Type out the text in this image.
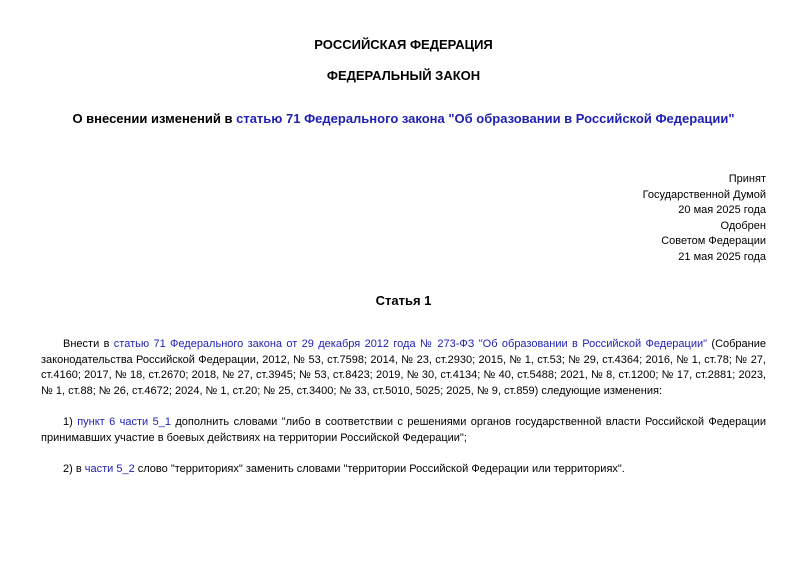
РОССИЙСКАЯ ФЕДЕРАЦИЯ
ФЕДЕРАЛЬНЫЙ ЗАКОН
О внесении изменений в статью 71 Федерального закона "Об образовании в Российской Федерации"
Принят
Государственной Думой
20 мая 2025 года
Одобрен
Советом Федерации
21 мая 2025 года
Статья 1
Внести в статью 71 Федерального закона от 29 декабря 2012 года № 273-ФЗ "Об образовании в Российской Федерации" (Собрание законодательства Российской Федерации, 2012, № 53, ст.7598; 2014, № 23, ст.2930; 2015, № 1, ст.53; № 29, ст.4364; 2016, № 1, ст.78; № 27, ст.4160; 2017, № 18, ст.2670; 2018, № 27, ст.3945; № 53, ст.8423; 2019, № 30, ст.4134; № 40, ст.5488; 2021, № 8, ст.1200; № 17, ст.2881; 2023, № 1, ст.88; № 26, ст.4672; 2024, № 1, ст.20; № 25, ст.3400; № 33, ст.5010, 5025; 2025, № 9, ст.859) следующие изменения:
1) пункт 6 части 5_1 дополнить словами "либо в соответствии с решениями органов государственной власти Российской Федерации принимавших участие в боевых действиях на территории Российской Федерации";
2) в части 5_2 слово "территориях" заменить словами "территории Российской Федерации или территориях".
